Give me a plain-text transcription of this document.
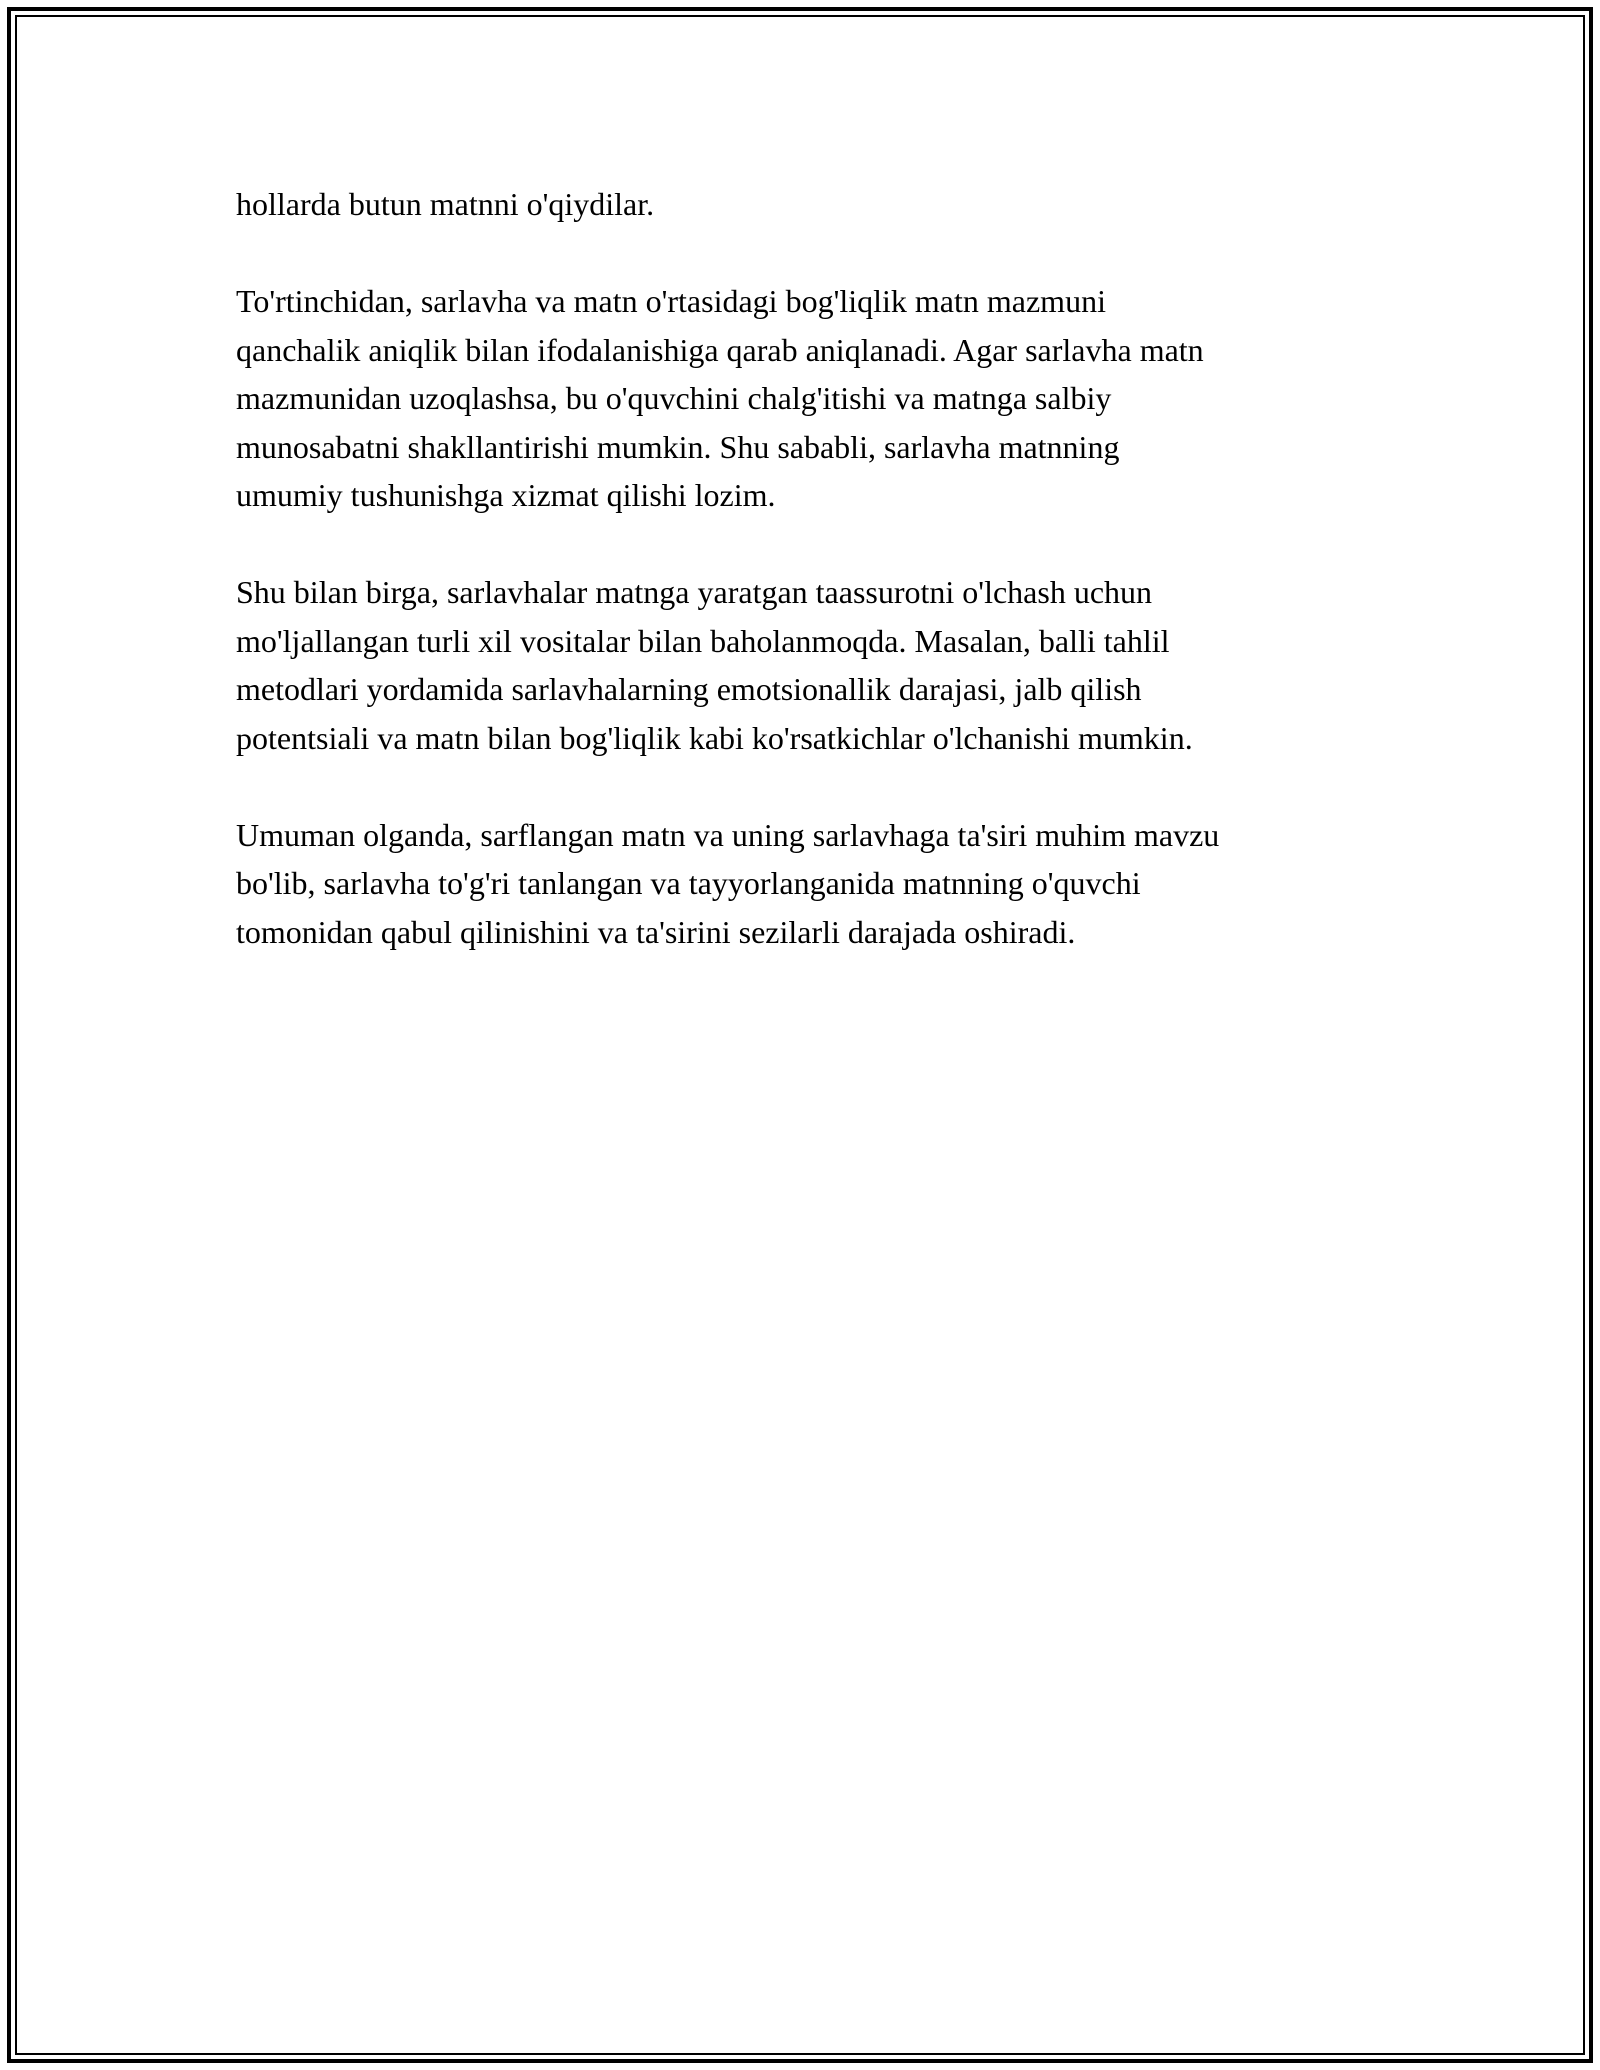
hollarda butun matnni o'qiydilar.

To'rtinchidan, sarlavha va matn o'rtasidagi bog'liqlik matn mazmuni
qanchalik aniqlik bilan ifodalanishiga qarab aniqlanadi. Agar sarlavha matn
mazmunidan uzoqlashsa, bu o'quvchini chalg'itishi va matnga salbiy
munosabatni shakllantirishi mumkin. Shu sababli, sarlavha matnning
umumiy tushunishga xizmat qilishi lozim.

Shu bilan birga, sarlavhalar matnga yaratgan taassurotni o'lchash uchun
mo'ljallangan turli xil vositalar bilan baholanmoqda. Masalan, balli tahlil
metodlari yordamida sarlavhalarning emotsionallik darajasi, jalb qilish
potentsiali va matn bilan bog'liqlik kabi ko'rsatkichlar o'lchanishi mumkin.

Umuman olganda, sarflangan matn va uning sarlavhaga ta'siri muhim mavzu
bo'lib, sarlavha to'g'ri tanlangan va tayyorlanganida matnning o'quvchi
tomonidan qabul qilinishini va ta'sirini sezilarli darajada oshiradi.
